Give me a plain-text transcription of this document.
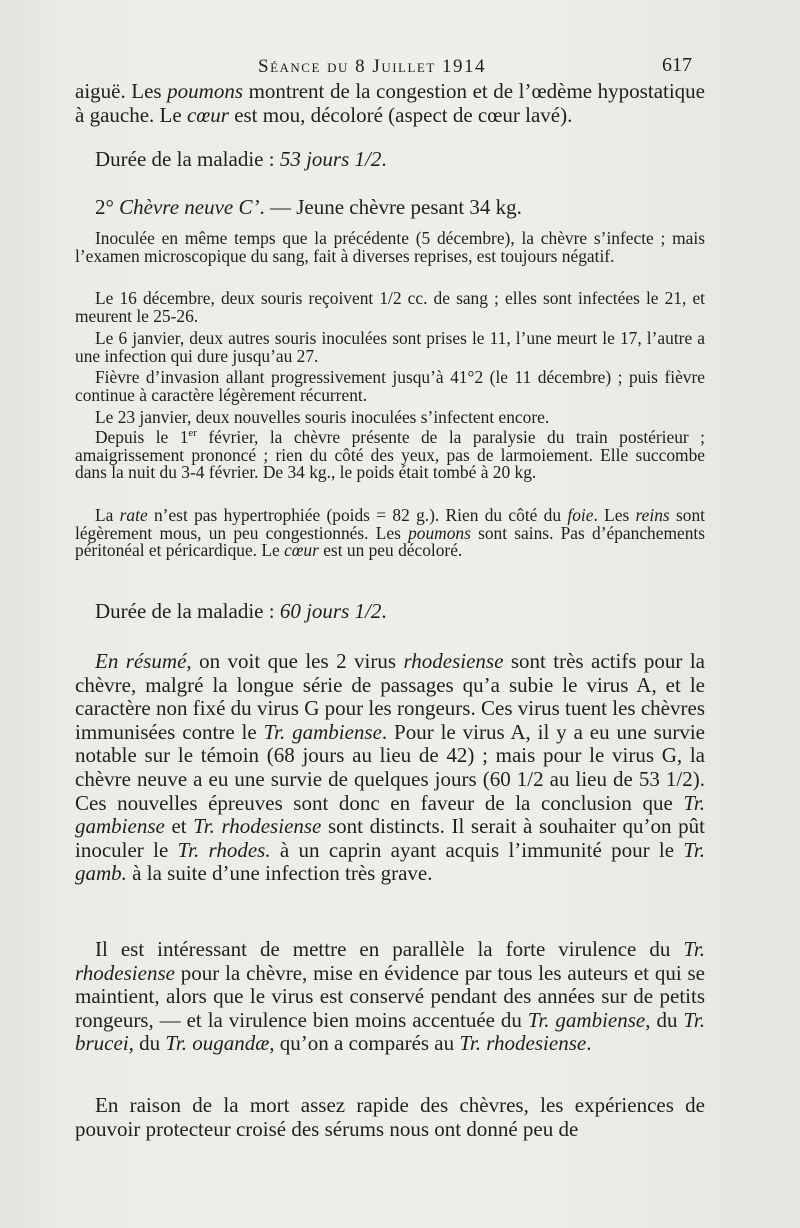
Séance du 8 Juillet 1914	617

aiguë. Les poumons montrent de la congestion et de l’œdème hypostatique à gauche. Le cœur est mou, décoloré (aspect de cœur lavé).

Durée de la maladie : 53 jours 1/2.

2° Chèvre neuve C’. — Jeune chèvre pesant 34 kg.

Inoculée en même temps que la précédente (5 décembre), la chèvre s’infecte ; mais l’examen microscopique du sang, fait à diverses reprises, est toujours négatif.

Le 16 décembre, deux souris reçoivent 1/2 cc. de sang ; elles sont infectées le 21, et meurent le 25-26.

Le 6 janvier, deux autres souris inoculées sont prises le 11, l’une meurt le 17, l’autre a une infection qui dure jusqu’au 27.

Fièvre d’invasion allant progressivement jusqu’à 41°2 (le 11 décembre) ; puis fièvre continue à caractère légèrement récurrent.

Le 23 janvier, deux nouvelles souris inoculées s’infectent encore.

Depuis le 1er février, la chèvre présente de la paralysie du train postérieur ; amaigrissement prononcé ; rien du côté des yeux, pas de larmoiement. Elle succombe dans la nuit du 3-4 février. De 34 kg., le poids était tombé à 20 kg.

La rate n’est pas hypertrophiée (poids = 82 g.). Rien du côté du foie. Les reins sont légèrement mous, un peu congestionnés. Les poumons sont sains. Pas d’épanchements péritonéal et péricardique. Le cœur est un peu décoloré.

Durée de la maladie : 60 jours 1/2.

En résumé, on voit que les 2 virus rhodesiense sont très actifs pour la chèvre, malgré la longue série de passages qu’a subie le virus A, et le caractère non fixé du virus G pour les rongeurs. Ces virus tuent les chèvres immunisées contre le Tr. gambiense. Pour le virus A, il y a eu une survie notable sur le témoin (68 jours au lieu de 42) ; mais pour le virus G, la chèvre neuve a eu une survie de quelques jours (60 1/2 au lieu de 53 1/2). Ces nouvelles épreuves sont donc en faveur de la conclusion que Tr. gambiense et Tr. rhodesiense sont distincts. Il serait à souhaiter qu’on pût inoculer le Tr. rhodes. à un caprin ayant acquis l’immunité pour le Tr. gamb. à la suite d’une infection très grave.

Il est intéressant de mettre en parallèle la forte virulence du Tr. rhodesiense pour la chèvre, mise en évidence par tous les auteurs et qui se maintient, alors que le virus est conservé pendant des années sur de petits rongeurs, — et la virulence bien moins accentuée du Tr. gambiense, du Tr. brucei, du Tr. ougandæ, qu’on a comparés au Tr. rhodesiense.

En raison de la mort assez rapide des chèvres, les expériences de pouvoir protecteur croisé des sérums nous ont donné peu de
